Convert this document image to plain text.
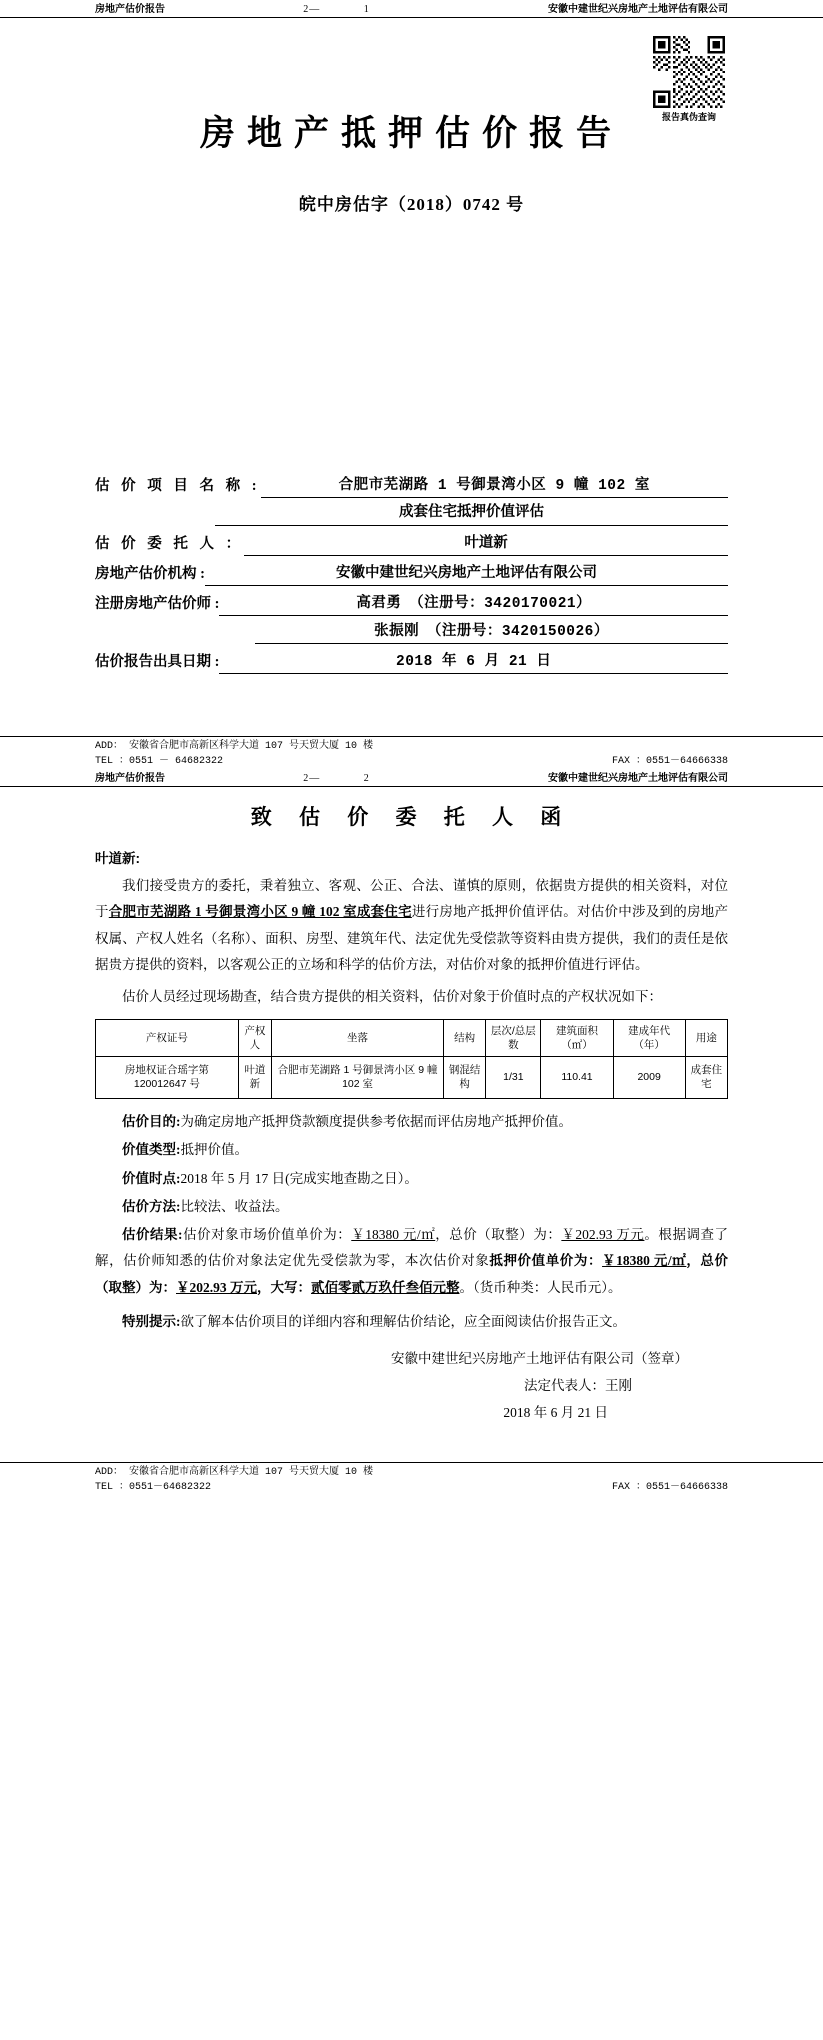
房地产估价报告	2—	1	安徽中建世纪兴房地产土地评估有限公司
报告真伪查询
房地产抵押估价报告
皖中房估字（2018）0742 号
估 价 项 目 名 称 :	合肥市芜湖路 1 号御景湾小区 9 幢 102 室
成套住宅抵押价值评估
估 价 委 托 人 ：	叶道新
房地产估价机构 :	安徽中建世纪兴房地产土地评估有限公司
注册房地产估价师 :	高君勇　（注册号：3420170021）
张振刚　（注册号：3420150026）
估价报告出具日期 :	2018 年 6 月 21 日
ADD： 安徽省合肥市高新区科学大道 107 号天贸大厦 10 楼
TEL ：0551 － 64682322	FAX ：0551－64666338
房地产估价报告	2—	2	安徽中建世纪兴房地产土地评估有限公司
致 估 价 委 托 人 函
叶道新:

我们接受贵方的委托，秉着独立、客观、公正、合法、谨慎的原则，依据贵方提供的相关资料，对位于合肥市芜湖路 1 号御景湾小区 9 幢 102 室成套住宅进行房地产抵押价值评估。对估价中涉及到的房地产权属、产权人姓名（名称）、面积、房型、建筑年代、法定优先受偿款等资料由贵方提供，我们的责任是依据贵方提供的资料，以客观公正的立场和科学的估价方法，对估价对象的抵押价值进行评估。

估价人员经过现场勘查，结合贵方提供的相关资料，估价对象于价值时点的产权状况如下：

产权证号	产权人	坐落	结构	层次/总层数	建筑面积（㎡）	建成年代（年）	用途
房地权证合瑶字第 120012647 号	叶道新	合肥市芜湖路 1 号御景湾小区 9 幢 102 室	钢混结构	1/31	110.41	2009	成套住宅

估价目的:为确定房地产抵押贷款额度提供参考依据而评估房地产抵押价值。

价值类型:抵押价值。

价值时点:2018 年 5 月 17 日(完成实地查勘之日）。

估价方法:比较法、收益法。

估价结果:估价对象市场价值单价为：￥18380 元/㎡，总价（取整）为：￥202.93 万元。根据调查了解，估价师知悉的估价对象法定优先受偿款为零，本次估价对象抵押价值单价为：￥18380 元/㎡，总价（取整）为：￥202.93 万元，大写：贰佰零贰万玖仟叁佰元整。（货币种类：人民币元）。

特别提示:欲了解本估价项目的详细内容和理解估价结论，应全面阅读估价报告正文。

安徽中建世纪兴房地产土地评估有限公司（签章）
法定代表人：王刚
2018 年 6 月 21 日
ADD： 安徽省合肥市高新区科学大道 107 号天贸大厦 10 楼
TEL ：0551－64682322	FAX ：0551－64666338
